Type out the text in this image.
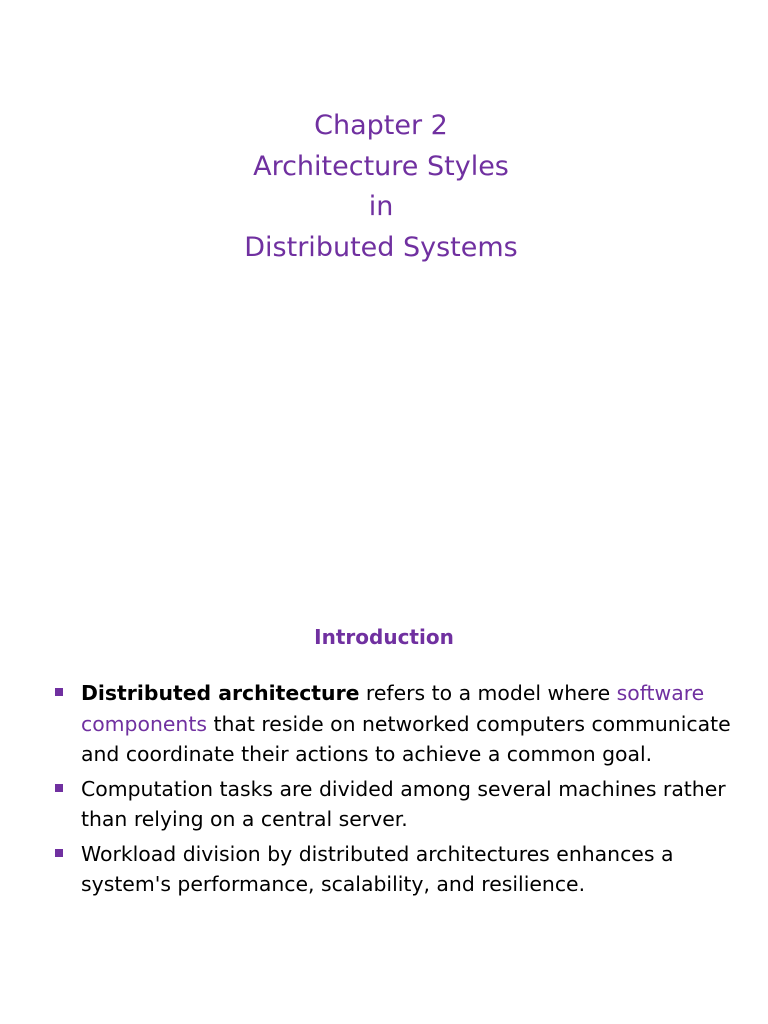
Chapter 2
Architecture Styles
in
Distributed Systems
Introduction
Distributed architecture refers to a model where software components that reside on networked computers communicate and coordinate their actions to achieve a common goal.
Computation tasks are divided among several machines rather than relying on a central server.
Workload division by distributed architectures enhances a system's performance, scalability, and resilience.
